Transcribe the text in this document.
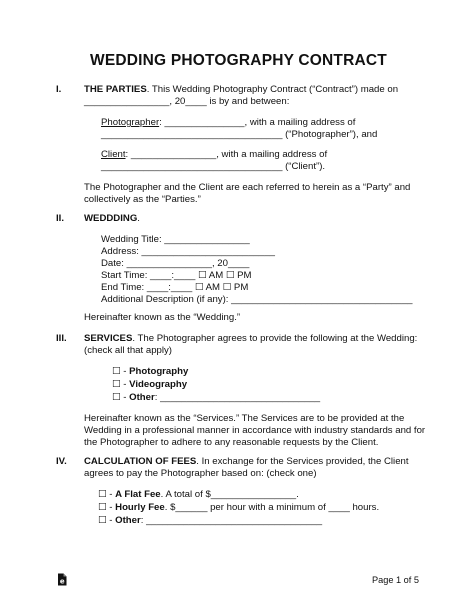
WEDDING PHOTOGRAPHY CONTRACT
I. THE PARTIES. This Wedding Photography Contract (“Contract”) made on
________________, 20____ is by and between:
Photographer: _______________, with a mailing address of
__________________________________ (“Photographer”), and
Client: ________________, with a mailing address of
__________________________________ (“Client”).
The Photographer and the Client are each referred to herein as a “Party” and
collectively as the “Parties.”
II. WEDDDING.
Wedding Title: ________________
Address: _________________________
Date: ________________, 20____
Start Time: ____:____ ☐ AM ☐ PM
End Time: ____:____ ☐ AM ☐ PM
Additional Description (if any): __________________________________
Hereinafter known as the “Wedding.”
III. SERVICES. The Photographer agrees to provide the following at the Wedding:
(check all that apply)
☐ - Photography
☐ - Videography
☐ - Other: ______________________________
Hereinafter known as the “Services.” The Services are to be provided at the
Wedding in a professional manner in accordance with industry standards and for
the Photographer to adhere to any reasonable requests by the Client.
IV. CALCULATION OF FEES. In exchange for the Services provided, the Client
agrees to pay the Photographer based on: (check one)
☐ - A Flat Fee. A total of $________________.
☐ - Hourly Fee. $______ per hour with a minimum of ____ hours.
☐ - Other: _________________________________
e	Page 1 of 5
